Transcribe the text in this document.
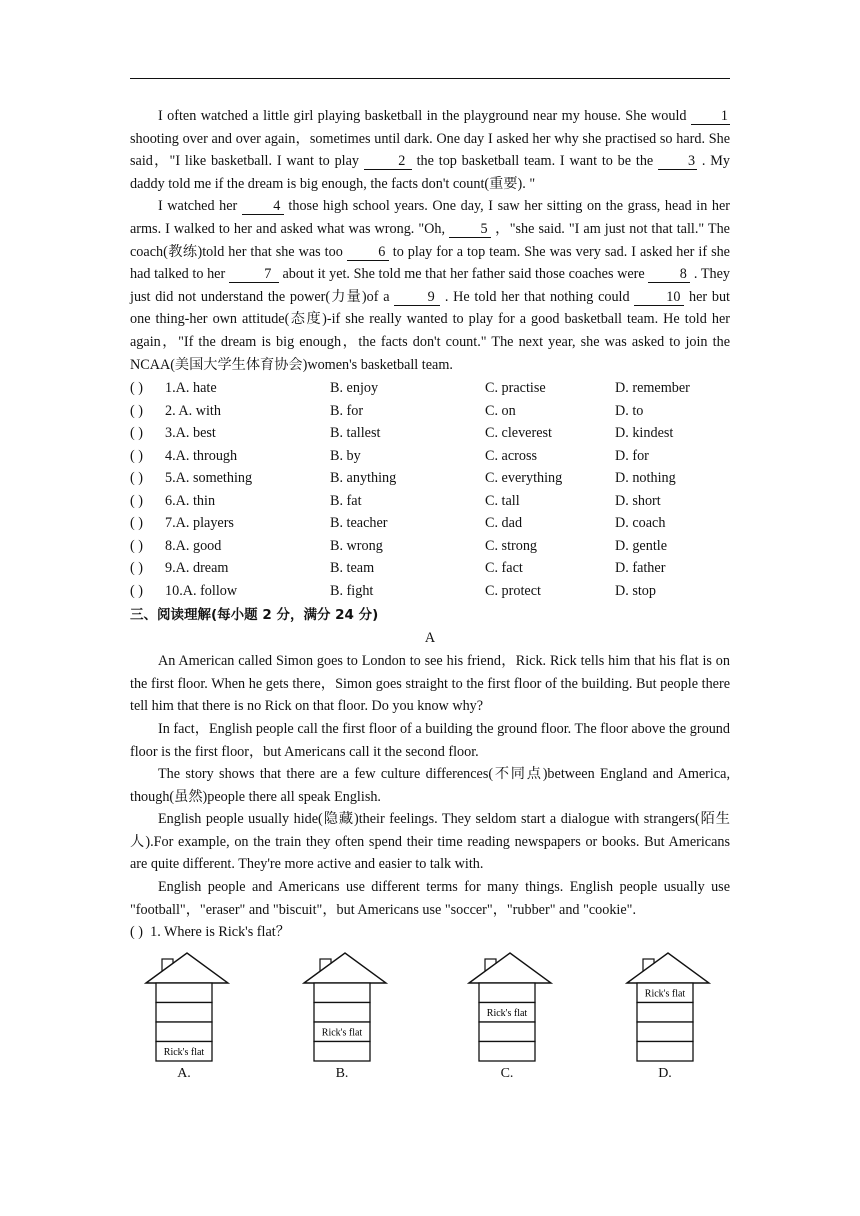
I often watched a little girl playing basketball in the playground near my house. She would 1 shooting over and over again，sometimes until dark. One day I asked her why she practised so hard. She said，"I like basketball. I want to play 2 the top basketball team. I want to be the 3 . My daddy told me if the dream is big enough, the facts don't count(重要). "

I watched her 4 those high school years. One day, I saw her sitting on the grass, head in her arms. I walked to her and asked what was wrong. "Oh, 5 ，"she said. "I am just not that tall." The coach(教练)told her that she was too 6 to play for a top team. She was very sad. I asked her if she had talked to her 7 about it yet. She told me that her father said those coaches were 8 . They just did not understand the power(力量)of a 9 . He told her that nothing could 10 her but one thing-her own attitude(态度)-if she really wanted to play for a good basketball team. He told her again，"If the dream is big enough，the facts don't count." The next year, she was asked to join the NCAA(美国大学生体育协会)women's basketball team.

( ) 1.A. hate	B. enjoy	C. practise	D. remember
( ) 2. A. with	B. for	C. on	D. to
( ) 3.A. best	B. tallest	C. cleverest	D. kindest
( ) 4.A. through	B. by	C. across	D. for
( ) 5.A. something	B. anything	C. everything	D. nothing
( ) 6.A. thin	B. fat	C. tall	D. short
( ) 7.A. players	B. teacher	C. dad	D. coach
( ) 8.A. good	B. wrong	C. strong	D. gentle
( ) 9.A. dream	B. team	C. fact	D. father
( ) 10.A. follow	B. fight	C. protect	D. stop
三、阅读理解(每小题 2 分，满分 24 分)
A

An American called Simon goes to London to see his friend，Rick. Rick tells him that his flat is on the first floor. When he gets there，Simon goes straight to the first floor of the building. But people there tell him that there is no Rick on that floor. Do you know why?

In fact，English people call the first floor of a building the ground floor. The floor above the ground floor is the first floor，but Americans call it the second floor.

The story shows that there are a few culture differences(不同点)between England and America, though(虽然)people there all speak English.

English people usually hide(隐藏)their feelings. They seldom start a dialogue with strangers(陌生人).For example, on the train they often spend their time reading newspapers or books. But Americans are quite different. They're more active and easier to talk with.

English people and Americans use different terms for many things. English people usually use "football"，"eraser" and "biscuit"，but Americans use "soccer"，"rubber" and "cookie".

( ) 1. Where is Rick's flat？
Rick's flat
A.
Rick's flat
B.
Rick's flat
C.
Rick's flat
D.
